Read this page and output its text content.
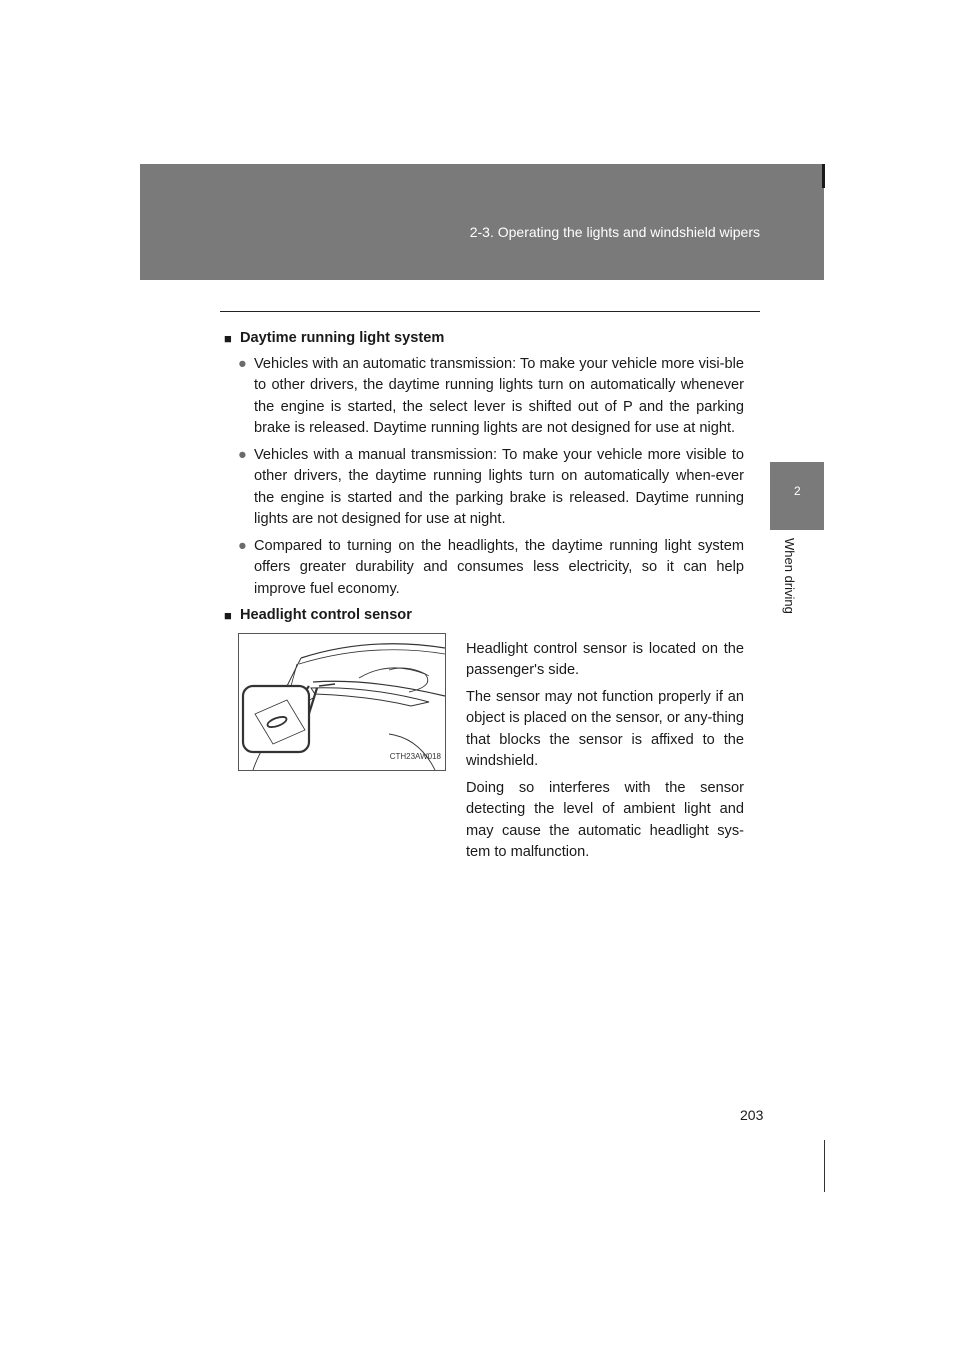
2-3. Operating the lights and windshield wipers
2
When driving
■ Daytime running light system
● Vehicles with an automatic transmission: To make your vehicle more visi-ble to other drivers, the daytime running lights turn on automatically whenever the engine is started, the select lever is shifted out of P and the parking brake is released. Daytime running lights are not designed for use at night.
● Vehicles with a manual transmission: To make your vehicle more visible to other drivers, the daytime running lights turn on automatically when-ever the engine is started and the parking brake is released. Daytime running lights are not designed for use at night.
● Compared to turning on the headlights, the daytime running light system offers greater durability and consumes less electricity, so it can help improve fuel economy.
■ Headlight control sensor
CTH23AW018

Headlight control sensor is located on the passenger's side.

The sensor may not function properly if an object is placed on the sensor, or any-thing that blocks the sensor is affixed to the windshield.

Doing so interferes with the sensor detecting the level of ambient light and may cause the automatic headlight sys-tem to malfunction.

203
